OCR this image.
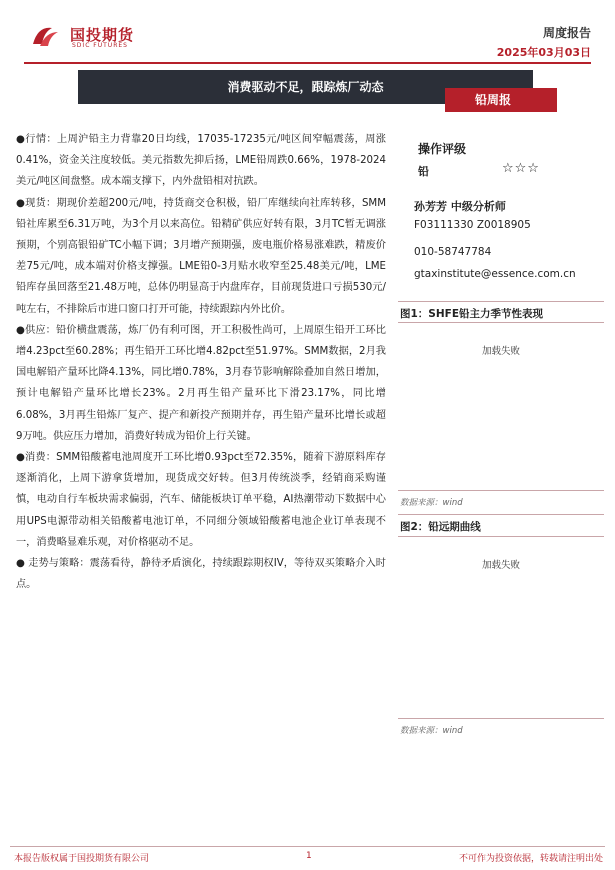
国投期货
SDIC FUTURES
周度报告
2025年03月03日
消费驱动不足，跟踪炼厂动态
铅周报

●行情：上周沪铅主力背靠20日均线，17035-17235元/吨区间窄幅震荡，周涨0.41%，资金关注度较低。美元指数先抑后扬，LME铅周跌0.66%，1978-2024美元/吨区间盘整。成本端支撑下，内外盘铅相对抗跌。

●现货：期现价差超200元/吨，持货商交仓积极，铅厂库继续向社库转移，SMM铅社库累至6.31万吨，为3个月以来高位。铅精矿供应好转有限，3月TC暂无调涨预期，个别高银铅矿TC小幅下调；3月增产预期强，废电瓶价格易涨难跌，精废价差75元/吨，成本端对价格支撑强。LME铅0-3月贴水收窄至25.48美元/吨，LME铅库存虽回落至21.48万吨，总体仍明显高于内盘库存，目前现货进口亏损530元/吨左右，不排除后市进口窗口打开可能，持续跟踪内外比价。

●供应：铅价横盘震荡，炼厂仍有利可图，开工积极性尚可，上周原生铅开工环比增4.23pct至60.28%；再生铅开工环比增4.82pct至51.97%。SMM数据，2月我国电解铅产量环比降4.13%，同比增0.78%，3月春节影响解除叠加自然日增加，预计电解铅产量环比增长23%。2月再生铅产量环比下滑23.17%，同比增6.08%，3月再生铅炼厂复产、提产和新投产预期并存，再生铅产量环比增长或超9万吨。供应压力增加，消费好转成为铅价上行关键。

●消费：SMM铅酸蓄电池周度开工环比增0.93pct至72.35%，随着下游原料库存逐渐消化，上周下游拿货增加，现货成交好转。但3月传统淡季，经销商采购谨慎，电动自行车板块需求偏弱，汽车、储能板块订单平稳，AI热潮带动下数据中心用UPS电源带动相关铅酸蓄电池订单，不同细分领域铅酸蓄电池企业订单表现不一，消费略显难乐观，对价格驱动不足。

● 走势与策略：震荡看待，静待矛盾演化，持续跟踪期权IV，等待双买策略介入时点。

操作评级
铅	☆☆☆
孙芳芳 中级分析师
F03111330 Z0018905
010-58747784
gtaxinstitute@essence.com.cn
图1：SHFE铅主力季节性表现
加载失败
数据来源：wind
图2：铅远期曲线
加载失败
数据来源：wind
本报告版权属于国投期货有限公司	1	不可作为投资依据，转载请注明出处
